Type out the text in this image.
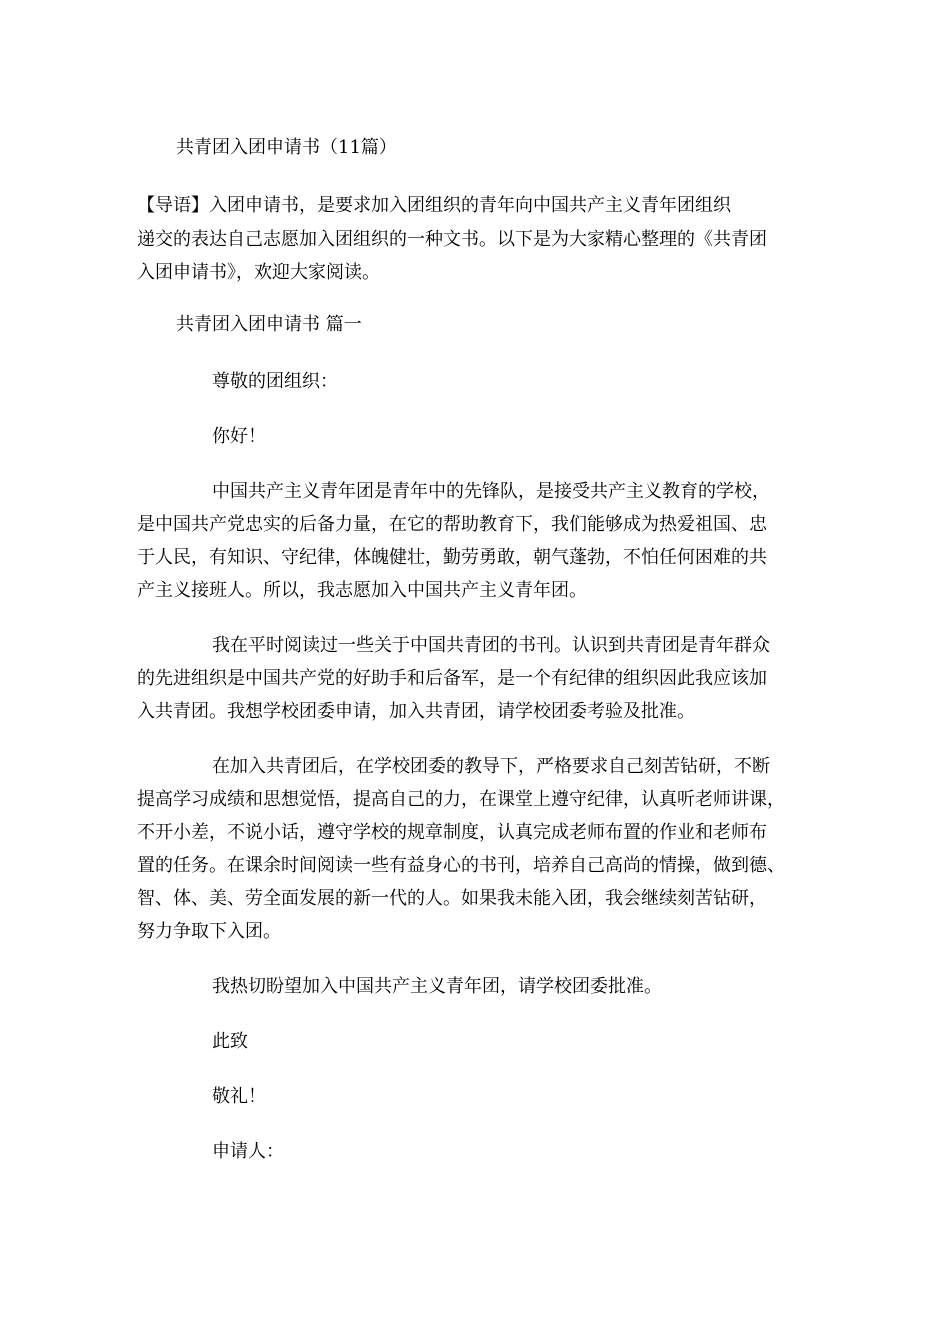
共青团入团申请书（11篇）

【导语】入团申请书，是要求加入团组织的青年向中国共产主义青年团组织

递交的表达自己志愿加入团组织的一种文书。以下是为大家精心整理的《共青团

入团申请书》，欢迎大家阅读。

共青团入团申请书 篇一

尊敬的团组织：

你好！

中国共产主义青年团是青年中的先锋队，是接受共产主义教育的学校，

是中国共产党忠实的后备力量，在它的帮助教育下，我们能够成为热爱祖国、忠

于人民，有知识、守纪律，体魄健壮，勤劳勇敢，朝气蓬勃，不怕任何困难的共

产主义接班人。所以，我志愿加入中国共产主义青年团。

我在平时阅读过一些关于中国共青团的书刊。认识到共青团是青年群众

的先进组织是中国共产党的好助手和后备军，是一个有纪律的组织因此我应该加

入共青团。我想学校团委申请，加入共青团，请学校团委考验及批准。

在加入共青团后，在学校团委的教导下，严格要求自己刻苦钻研，不断

提高学习成绩和思想觉悟，提高自己的力，在课堂上遵守纪律，认真听老师讲课，

不开小差，不说小话，遵守学校的规章制度，认真完成老师布置的作业和老师布

置的任务。在课余时间阅读一些有益身心的书刊，培养自己高尚的情操，做到德、

智、体、美、劳全面发展的新一代的人。如果我未能入团，我会继续刻苦钻研，

努力争取下入团。

我热切盼望加入中国共产主义青年团，请学校团委批准。

此致

敬礼！

申请人：
